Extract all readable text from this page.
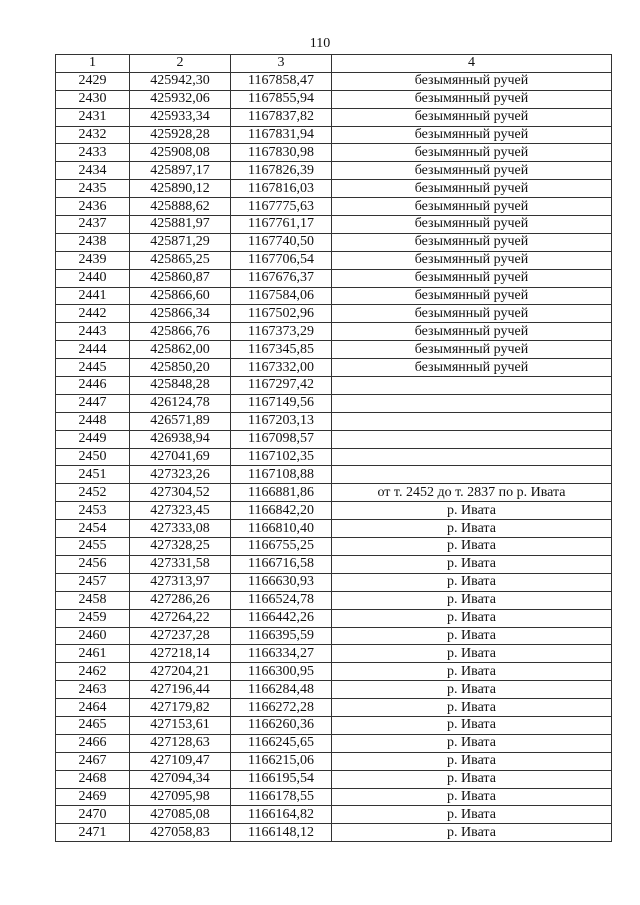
110
1	2	3	4
2429	425942,30	1167858,47	безымянный ручей
2430	425932,06	1167855,94	безымянный ручей
2431	425933,34	1167837,82	безымянный ручей
2432	425928,28	1167831,94	безымянный ручей
2433	425908,08	1167830,98	безымянный ручей
2434	425897,17	1167826,39	безымянный ручей
2435	425890,12	1167816,03	безымянный ручей
2436	425888,62	1167775,63	безымянный ручей
2437	425881,97	1167761,17	безымянный ручей
2438	425871,29	1167740,50	безымянный ручей
2439	425865,25	1167706,54	безымянный ручей
2440	425860,87	1167676,37	безымянный ручей
2441	425866,60	1167584,06	безымянный ручей
2442	425866,34	1167502,96	безымянный ручей
2443	425866,76	1167373,29	безымянный ручей
2444	425862,00	1167345,85	безымянный ручей
2445	425850,20	1167332,00	безымянный ручей
2446	425848,28	1167297,42	
2447	426124,78	1167149,56	
2448	426571,89	1167203,13	
2449	426938,94	1167098,57	
2450	427041,69	1167102,35	
2451	427323,26	1167108,88	
2452	427304,52	1166881,86	от т. 2452 до т. 2837 по р. Ивата
2453	427323,45	1166842,20	р. Ивата
2454	427333,08	1166810,40	р. Ивата
2455	427328,25	1166755,25	р. Ивата
2456	427331,58	1166716,58	р. Ивата
2457	427313,97	1166630,93	р. Ивата
2458	427286,26	1166524,78	р. Ивата
2459	427264,22	1166442,26	р. Ивата
2460	427237,28	1166395,59	р. Ивата
2461	427218,14	1166334,27	р. Ивата
2462	427204,21	1166300,95	р. Ивата
2463	427196,44	1166284,48	р. Ивата
2464	427179,82	1166272,28	р. Ивата
2465	427153,61	1166260,36	р. Ивата
2466	427128,63	1166245,65	р. Ивата
2467	427109,47	1166215,06	р. Ивата
2468	427094,34	1166195,54	р. Ивата
2469	427095,98	1166178,55	р. Ивата
2470	427085,08	1166164,82	р. Ивата
2471	427058,83	1166148,12	р. Ивата
